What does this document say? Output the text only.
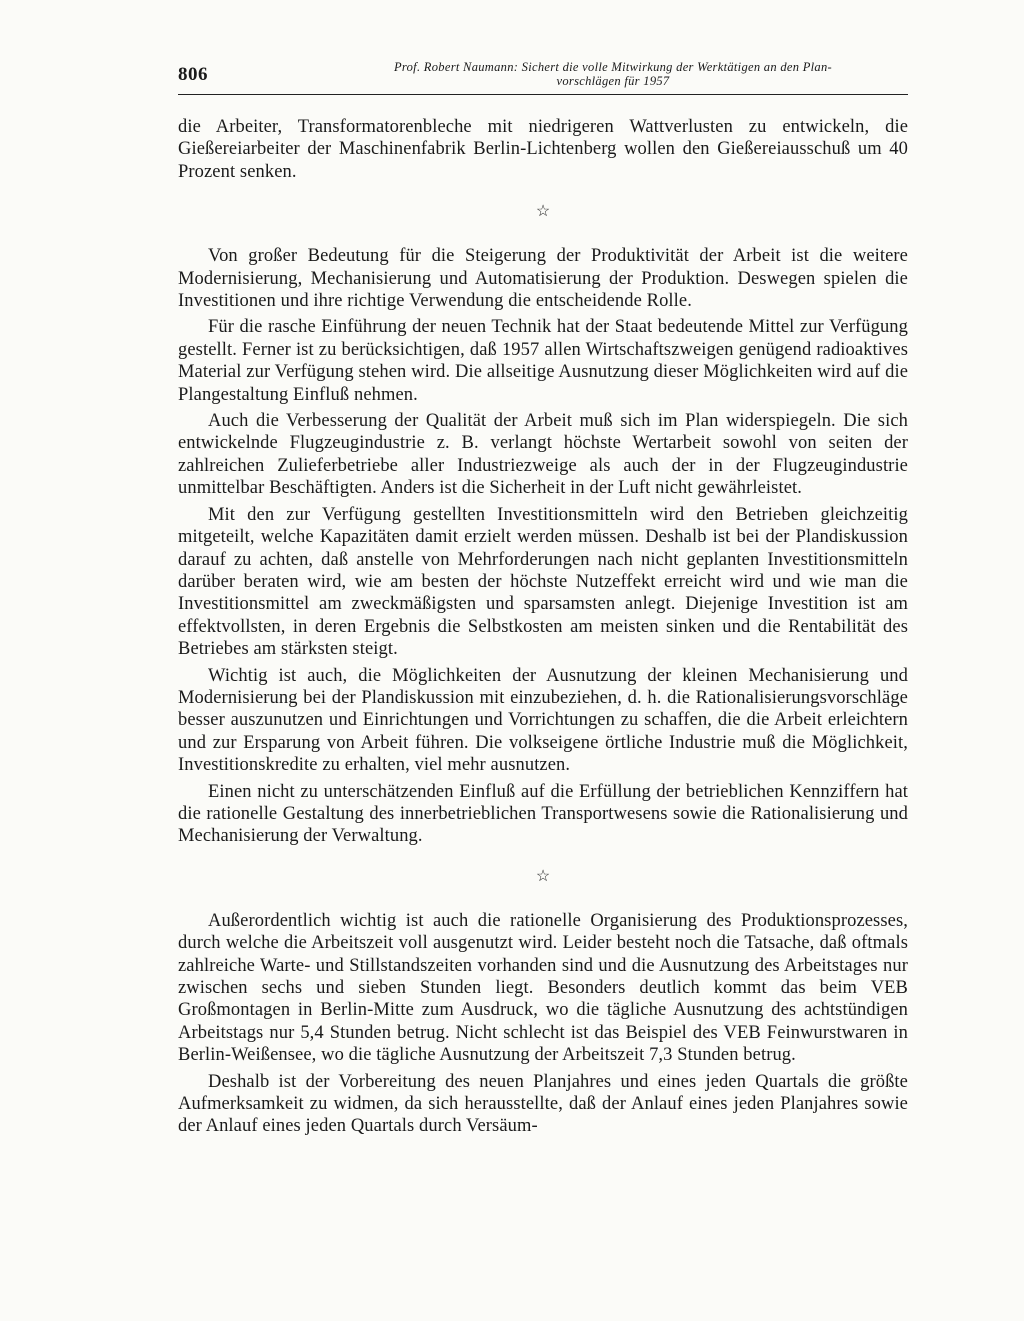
806	Prof. Robert Naumann: Sichert die volle Mitwirkung der Werktätigen an den Plan-
vorschlägen für 1957

die Arbeiter, Transformatorenbleche mit niedrigeren Wattverlusten zu entwickeln, die Gießereiarbeiter der Maschinenfabrik Berlin-Lichtenberg wollen den Gießereiausschuß um 40 Prozent senken.

☆

Von großer Bedeutung für die Steigerung der Produktivität der Arbeit ist die weitere Modernisierung, Mechanisierung und Automatisierung der Produktion. Deswegen spielen die Investitionen und ihre richtige Verwendung die entscheidende Rolle.

Für die rasche Einführung der neuen Technik hat der Staat bedeutende Mittel zur Verfügung gestellt. Ferner ist zu berücksichtigen, daß 1957 allen Wirtschaftszweigen genügend radioaktives Material zur Verfügung stehen wird. Die allseitige Ausnutzung dieser Möglichkeiten wird auf die Plangestaltung Einfluß nehmen.

Auch die Verbesserung der Qualität der Arbeit muß sich im Plan widerspiegeln. Die sich entwickelnde Flugzeugindustrie z. B. verlangt höchste Wertarbeit sowohl von seiten der zahlreichen Zulieferbetriebe aller Industriezweige als auch der in der Flugzeugindustrie unmittelbar Beschäftigten. Anders ist die Sicherheit in der Luft nicht gewährleistet.

Mit den zur Verfügung gestellten Investitionsmitteln wird den Betrieben gleichzeitig mitgeteilt, welche Kapazitäten damit erzielt werden müssen. Deshalb ist bei der Plandiskussion darauf zu achten, daß anstelle von Mehrforderungen nach nicht geplanten Investitionsmitteln darüber beraten wird, wie am besten der höchste Nutzeffekt erreicht wird und wie man die Investitionsmittel am zweckmäßigsten und sparsamsten anlegt. Diejenige Investition ist am effektvollsten, in deren Ergebnis die Selbstkosten am meisten sinken und die Rentabilität des Betriebes am stärksten steigt.

Wichtig ist auch, die Möglichkeiten der Ausnutzung der kleinen Mechanisierung und Modernisierung bei der Plandiskussion mit einzubeziehen, d. h. die Rationalisierungsvorschläge besser auszunutzen und Einrichtungen und Vorrichtungen zu schaffen, die die Arbeit erleichtern und zur Ersparung von Arbeit führen. Die volkseigene örtliche Industrie muß die Möglichkeit, Investitionskredite zu erhalten, viel mehr ausnutzen.

Einen nicht zu unterschätzenden Einfluß auf die Erfüllung der betrieblichen Kennziffern hat die rationelle Gestaltung des innerbetrieblichen Transportwesens sowie die Rationalisierung und Mechanisierung der Verwaltung.

☆

Außerordentlich wichtig ist auch die rationelle Organisierung des Produktionsprozesses, durch welche die Arbeitszeit voll ausgenutzt wird. Leider besteht noch die Tatsache, daß oftmals zahlreiche Warte- und Stillstandszeiten vorhanden sind und die Ausnutzung des Arbeitstages nur zwischen sechs und sieben Stunden liegt. Besonders deutlich kommt das beim VEB Großmontagen in Berlin-Mitte zum Ausdruck, wo die tägliche Ausnutzung des achtstündigen Arbeitstags nur 5,4 Stunden betrug. Nicht schlecht ist das Beispiel des VEB Feinwurstwaren in Berlin-Weißensee, wo die tägliche Ausnutzung der Arbeitszeit 7,3 Stunden betrug.

Deshalb ist der Vorbereitung des neuen Planjahres und eines jeden Quartals die größte Aufmerksamkeit zu widmen, da sich herausstellte, daß der Anlauf eines jeden Planjahres sowie der Anlauf eines jeden Quartals durch Versäum-
